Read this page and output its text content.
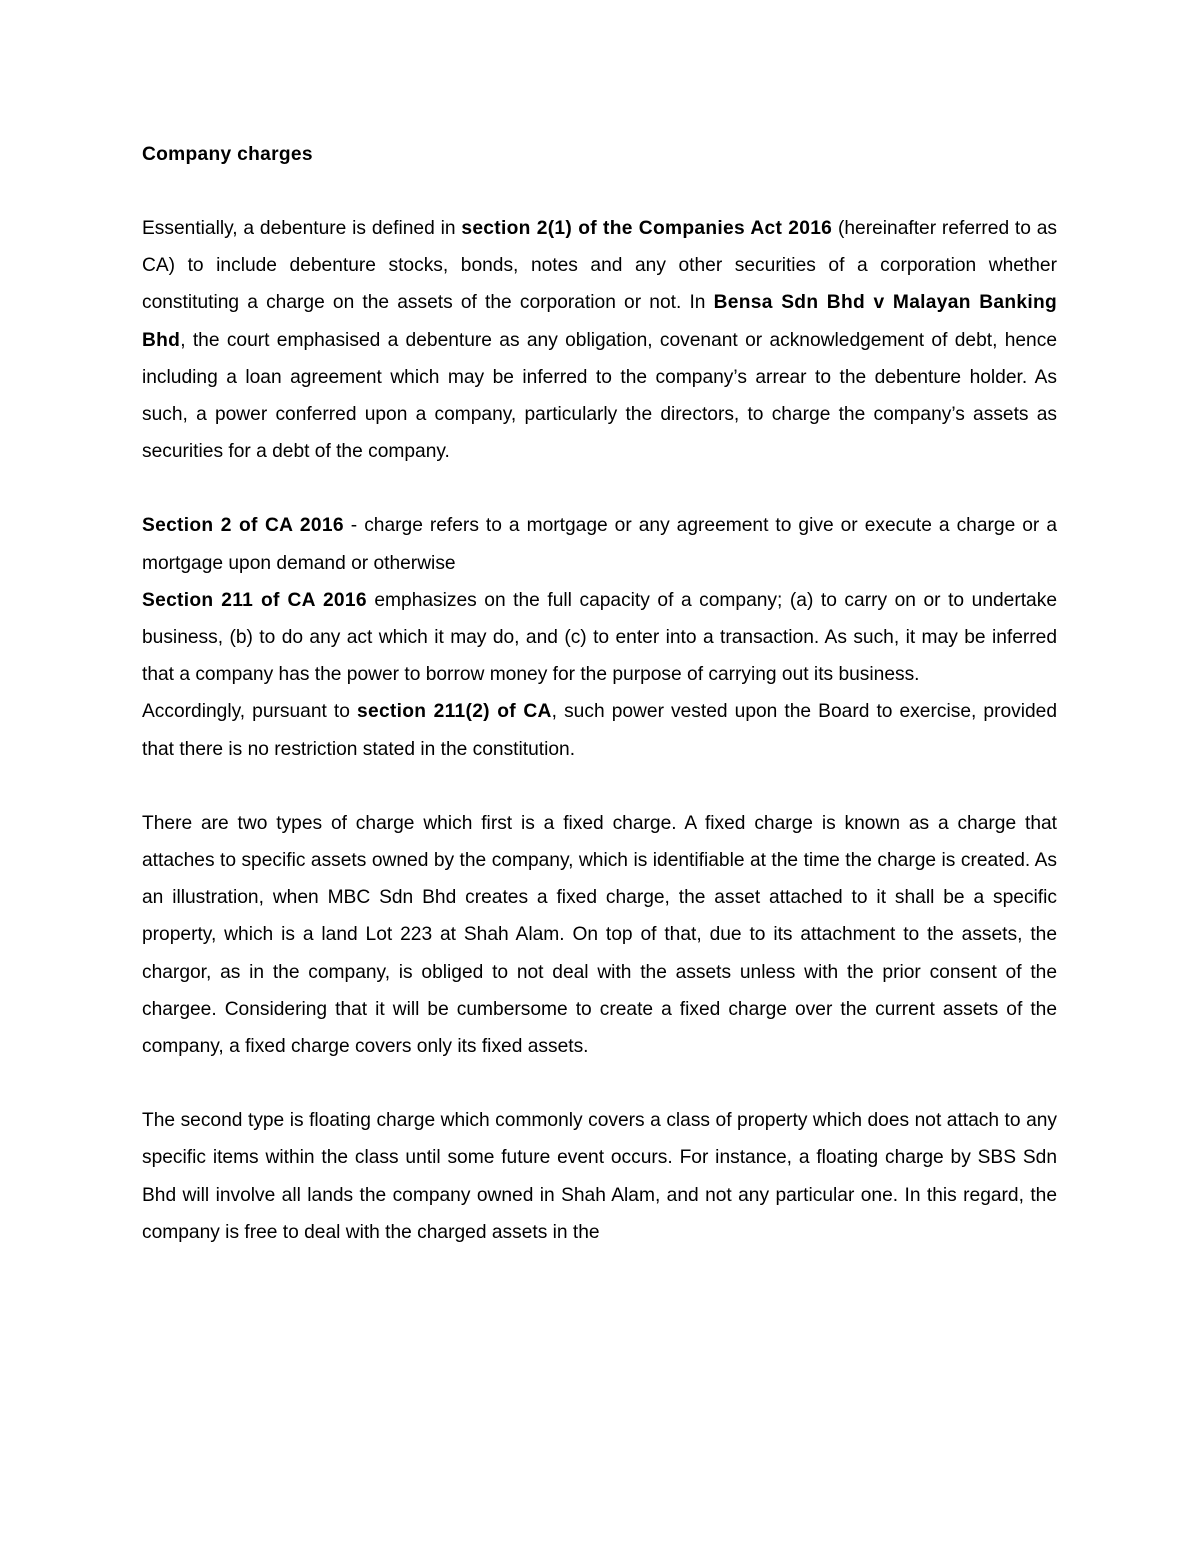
Company charges

Essentially, a debenture is defined in section 2(1) of the Companies Act 2016 (hereinafter referred to as CA) to include debenture stocks, bonds, notes and any other securities of a corporation whether constituting a charge on the assets of the corporation or not. In Bensa Sdn Bhd v Malayan Banking Bhd, the court emphasised a debenture as any obligation, covenant or acknowledgement of debt, hence including a loan agreement which may be inferred to the company’s arrear to the debenture holder. As such, a power conferred upon a company, particularly the directors, to charge the company’s assets as securities for a debt of the company.

Section 2 of CA 2016 - charge refers to a mortgage or any agreement to give or execute a charge or a mortgage upon demand or otherwise

Section 211 of CA 2016 emphasizes on the full capacity of a company; (a) to carry on or to undertake business, (b) to do any act which it may do, and (c) to enter into a transaction. As such, it may be inferred that a company has the power to borrow money for the purpose of carrying out its business.

Accordingly, pursuant to section 211(2) of CA, such power vested upon the Board to exercise, provided that there is no restriction stated in the constitution.

There are two types of charge which first is a fixed charge. A fixed charge is known as a charge that attaches to specific assets owned by the company, which is identifiable at the time the charge is created. As an illustration, when MBC Sdn Bhd creates a fixed charge, the asset attached to it shall be a specific property, which is a land Lot 223 at Shah Alam. On top of that, due to its attachment to the assets, the chargor, as in the company, is obliged to not deal with the assets unless with the prior consent of the chargee. Considering that it will be cumbersome to create a fixed charge over the current assets of the company, a fixed charge covers only its fixed assets.

The second type is floating charge which commonly covers a class of property which does not attach to any specific items within the class until some future event occurs. For instance, a floating charge by SBS Sdn Bhd will involve all lands the company owned in Shah Alam, and not any particular one. In this regard, the company is free to deal with the charged assets in the
